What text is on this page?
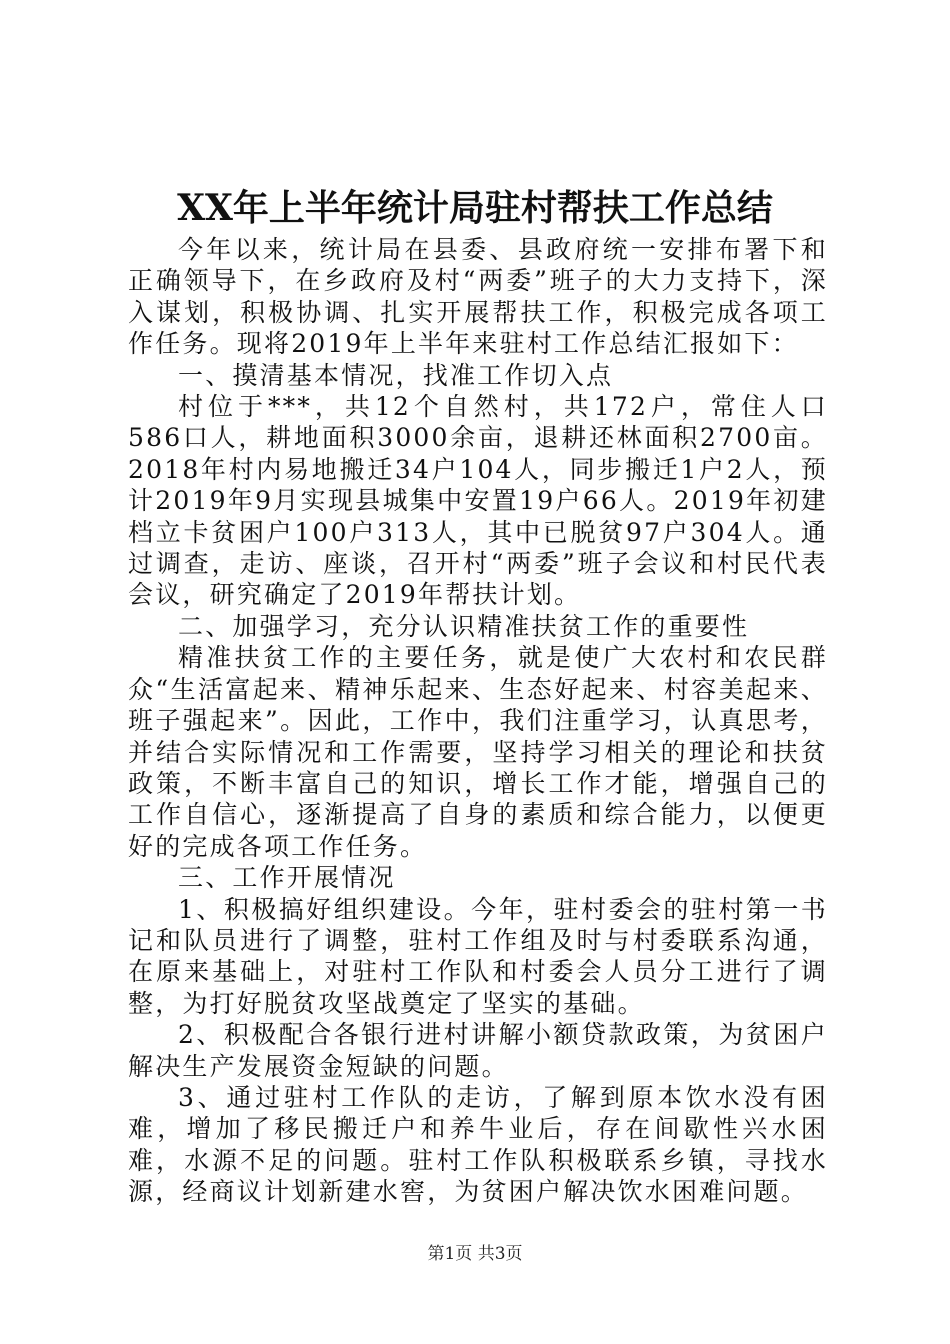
XX年上半年统计局驻村帮扶工作总结

今年以来，统计局在县委、县政府统一安排布署下和正确领导下，在乡政府及村“两委”班子的大力支持下，深入谋划，积极协调、扎实开展帮扶工作，积极完成各项工作任务。现将2019年上半年来驻村工作总结汇报如下：

一、摸清基本情况，找准工作切入点

村位于***，共12个自然村，共172户，常住人口586口人，耕地面积3000余亩，退耕还林面积2700亩。2018年村内易地搬迁34户104人，同步搬迁1户2人，预计2019年9月实现县城集中安置19户66人。2019年初建档立卡贫困户100户313人，其中已脱贫97户304人。通过调查，走访、座谈，召开村“两委”班子会议和村民代表会议，研究确定了2019年帮扶计划。

二、加强学习，充分认识精准扶贫工作的重要性

精准扶贫工作的主要任务，就是使广大农村和农民群众“生活富起来、精神乐起来、生态好起来、村容美起来、班子强起来”。因此，工作中，我们注重学习，认真思考，并结合实际情况和工作需要，坚持学习相关的理论和扶贫政策，不断丰富自己的知识，增长工作才能，增强自己的工作自信心，逐渐提高了自身的素质和综合能力，以便更好的完成各项工作任务。

三、工作开展情况

1、积极搞好组织建设。今年，驻村委会的驻村第一书记和队员进行了调整，驻村工作组及时与村委联系沟通，在原来基础上，对驻村工作队和村委会人员分工进行了调整，为打好脱贫攻坚战奠定了坚实的基础。

2、积极配合各银行进村讲解小额贷款政策，为贫困户解决生产发展资金短缺的问题。

3、通过驻村工作队的走访，了解到原本饮水没有困难，增加了移民搬迁户和养牛业后，存在间歇性兴水困难，水源不足的问题。驻村工作队积极联系乡镇，寻找水源，经商议计划新建水窖，为贫困户解决饮水困难问题。

第1页 共3页
